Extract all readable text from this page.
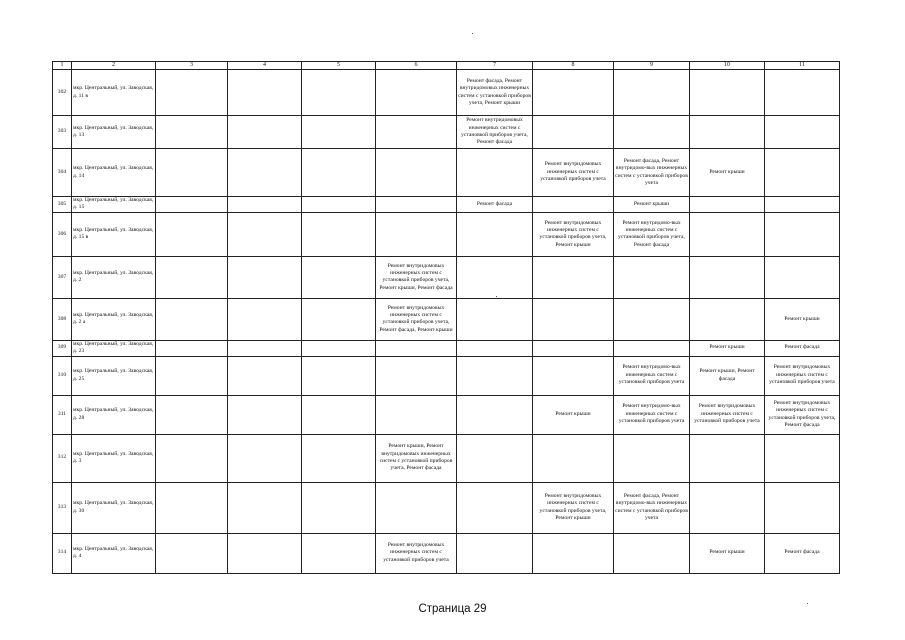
1	2	3	4	5	6	7	8	9	10	11
302	мкр. Центральный, ул. Заводская, д. 11 в					Ремонт фасада, Ремонт внутридомовых инженерных систем с установкой приборов учета, Ремонт крыши				
303	мкр. Центральный, ул. Заводская, д. 13					Ремонт внутридомовых инженерных систем с установкой приборов учета, Ремонт фасада				
304	мкр. Центральный, ул. Заводская, д. 14						Ремонт внутридомовых инженерных систем с установкой приборов учета	Ремонт фасада, Ремонт внутридомо-вых инженерных систем с установкой приборов учета	Ремонт крыши	
305	мкр. Центральный, ул. Заводская, д. 15					Ремонт фасада		Ремонт крыши		
306	мкр. Центральный, ул. Заводская, д. 15 в						Ремонт внутридомовых инженерных систем с установкой приборов учета, Ремонт крыши	Ремонт внутридомо-вых инженерных систем с установкой приборов учета, Ремонт фасада		
307	мкр. Центральный, ул. Заводская, д. 2				Ремонт внутридомовых инженерных систем с установкой приборов учета, Ремонт крыши, Ремонт фасада					
308	мкр. Центральный, ул. Заводская, д. 2 а				Ремонт внутридомовых инженерных систем с установкой приборов учета, Ремонт фасада, Ремонт крыши					Ремонт крыши
309	мкр. Центральный, ул. Заводская, д. 23								Ремонт крыши	Ремонт фасада
310	мкр. Центральный, ул. Заводская, д. 25							Ремонт внутридомо-вых инженерных систем с установкой приборов учета	Ремонт крыши, Ремонт фасада	Ремонт внутридомовых инженерных систем с установкой приборов учета
311	мкр. Центральный, ул. Заводская, д. 28						Ремонт крыши	Ремонт внутридомо-вых инженерных систем с установкой приборов учета	Ремонт внутридомовых инженерных систем с установкой приборов учета	Ремонт внутридомовых инженерных систем с установкой приборов учета, Ремонт фасада
312	мкр. Центральный, ул. Заводская, д. 3				Ремонт крыши, Ремонт внутридомовых инженерных систем с установкой приборов учета, Ремонт фасада					
313	мкр. Центральный, ул. Заводская, д. 30						Ремонт внутридомовых инженерных систем с установкой приборов учета, Ремонт крыши	Ремонт фасада, Ремонт внутридомо-вых инженерных систем с установкой приборов учета		
314	мкр. Центральный, ул. Заводская, д. 4				Ремонт внутридомовых инженерных систем с установкой приборов учета				Ремонт крыши	Ремонт фасада
Страница 29
